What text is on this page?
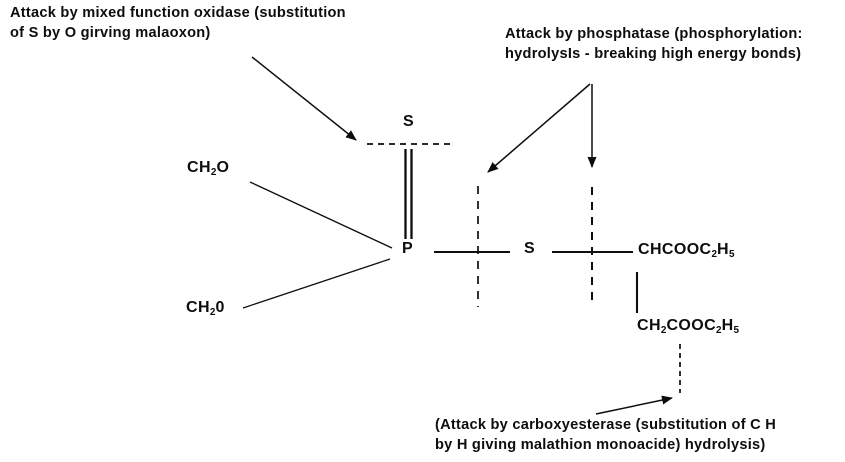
Attack by mixed function oxidase (substitution
of S by O girving malaoxon)	Attack by phosphatase (phosphorylation:
hydrolysIs - breaking high energy bonds)
(Attack by carboxyesterase (substitution of C H
by H giving malathion monoacide) hydrolysis)
$CH_2O$
$CH_20$
S
P	S	$CHCOOC_2H_5$
$CH_2COOC_2H_5$
